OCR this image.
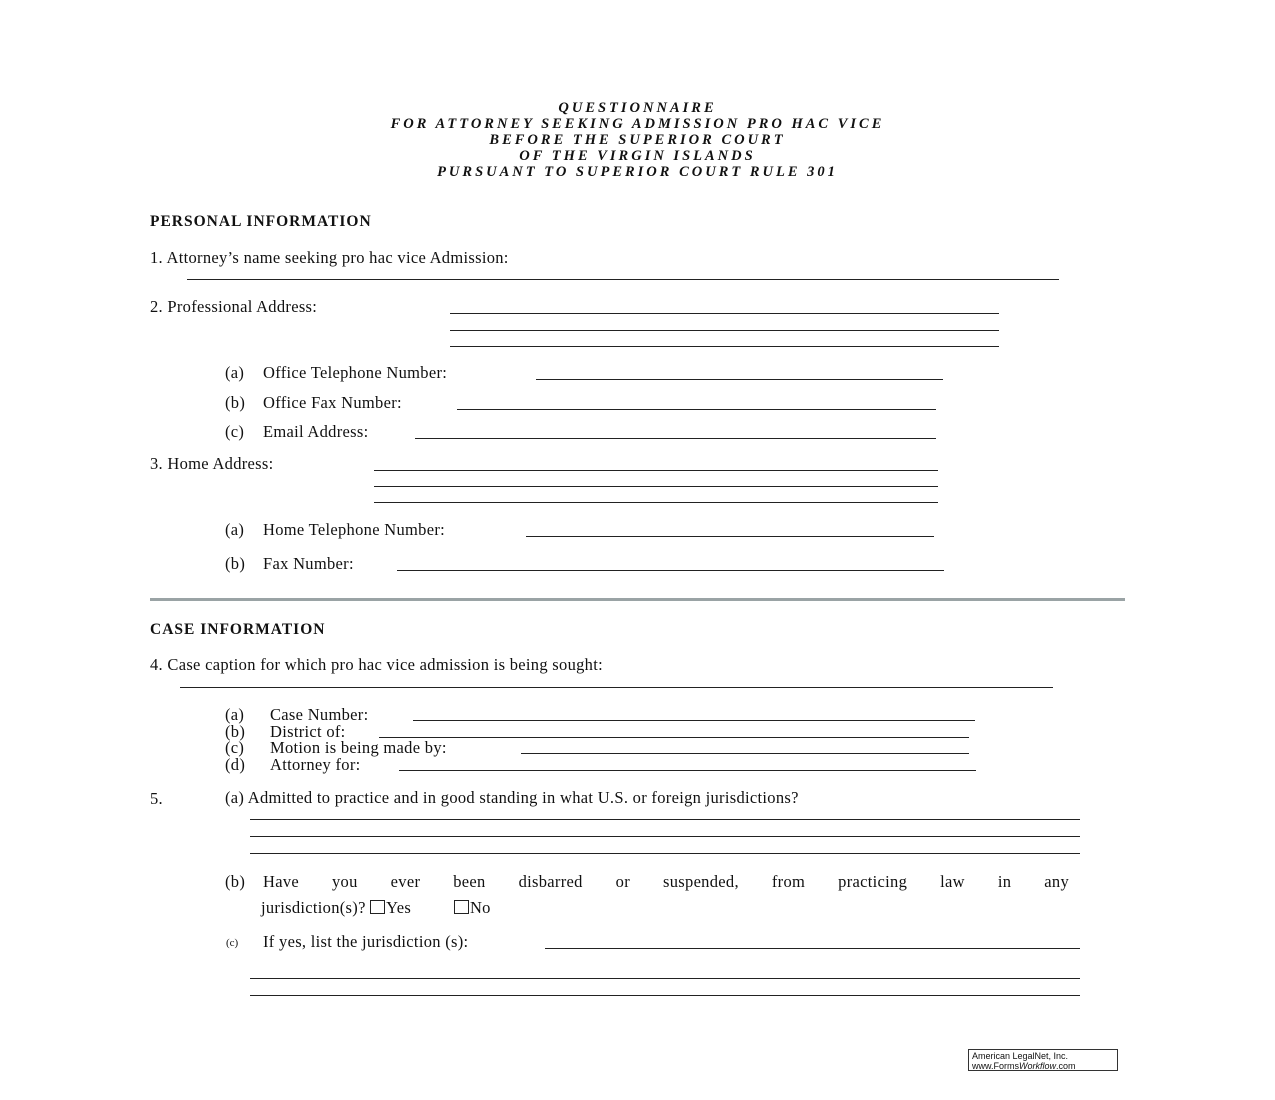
QUESTIONNAIRE
FOR ATTORNEY SEEKING ADMISSION PRO HAC VICE
BEFORE THE SUPERIOR COURT
OF THE VIRGIN ISLANDS
PURSUANT TO SUPERIOR COURT RULE 301
PERSONAL INFORMATION
1. Attorney’s name seeking pro hac vice Admission:
2. Professional Address:
(a) Office Telephone Number:
(b) Office Fax Number:
(c) Email Address:
3. Home Address:
(a) Home Telephone Number:
(b) Fax Number:
CASE INFORMATION
4. Case caption for which pro hac vice admission is being sought:
(a) Case Number:
(b) District of:
(c) Motion is being made by:
(d) Attorney for:
5.	(a) Admitted to practice and in good standing in what U.S. or foreign jurisdictions?
(b) Have you ever been disbarred or suspended, from practicing law in any
jurisdiction(s)? Yes	No
(c) If yes, list the jurisdiction (s):
American LegalNet, Inc.
www.FormsWorkflow.com
